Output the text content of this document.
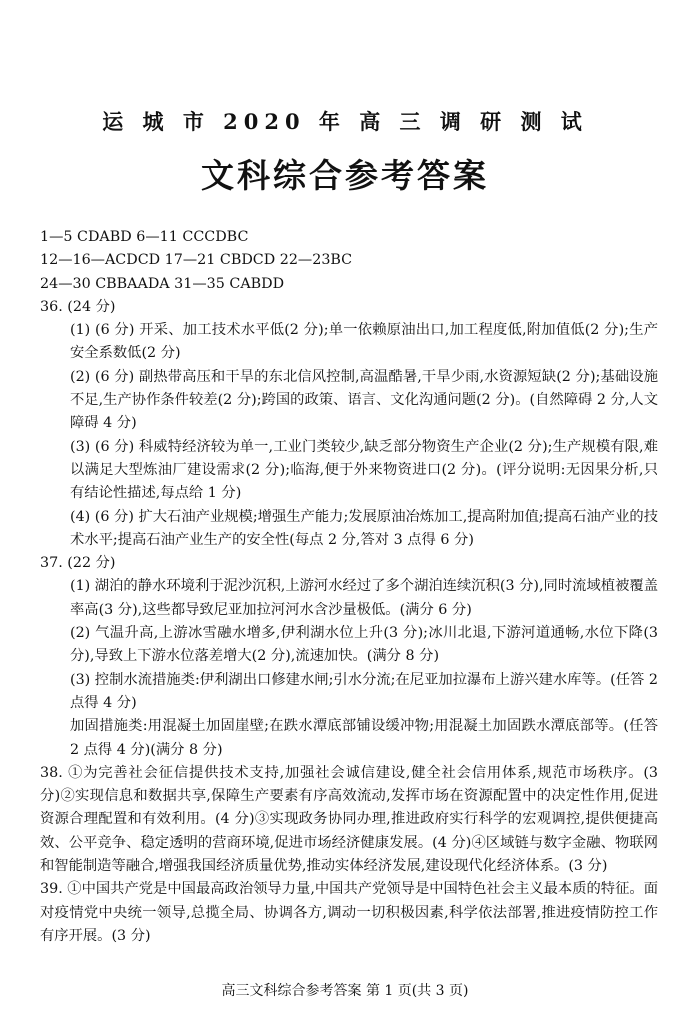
运 城 市 2020 年 高 三 调 研 测 试
文科综合参考答案
1—5 CDABD 6—11 CCCDBC
12—16—ACDCD 17—21 CBDCD 22—23BC
24—30 CBBAADA 31—35 CABDD
36. (24 分)
(1) (6 分) 开采、加工技术水平低(2 分);单一依赖原油出口,加工程度低,附加值低(2 分);生产安全系数低(2 分)
(2) (6 分) 副热带高压和干旱的东北信风控制,高温酷暑,干旱少雨,水资源短缺(2 分);基础设施不足,生产协作条件较差(2 分);跨国的政策、语言、文化沟通问题(2 分)。(自然障碍 2 分,人文障碍 4 分)
(3) (6 分) 科威特经济较为单一,工业门类较少,缺乏部分物资生产企业(2 分);生产规模有限,难以满足大型炼油厂建设需求(2 分);临海,便于外来物资进口(2 分)。(评分说明:无因果分析,只有结论性描述,每点给 1 分)
(4) (6 分) 扩大石油产业规模;增强生产能力;发展原油冶炼加工,提高附加值;提高石油产业的技术水平;提高石油产业生产的安全性(每点 2 分,答对 3 点得 6 分)
37. (22 分)
(1) 湖泊的静水环境利于泥沙沉积,上游河水经过了多个湖泊连续沉积(3 分),同时流域植被覆盖率高(3 分),这些都导致尼亚加拉河河水含沙量极低。(满分 6 分)
(2) 气温升高,上游冰雪融水增多,伊利湖水位上升(3 分);冰川北退,下游河道通畅,水位下降(3 分),导致上下游水位落差增大(2 分),流速加快。(满分 8 分)
(3) 控制水流措施类:伊利湖出口修建水闸;引水分流;在尼亚加拉瀑布上游兴建水库等。(任答 2 点得 4 分)
加固措施类:用混凝土加固崖壁;在跌水潭底部铺设缓冲物;用混凝土加固跌水潭底部等。(任答 2 点得 4 分)(满分 8 分)
38. ①为完善社会征信提供技术支持,加强社会诚信建设,健全社会信用体系,规范市场秩序。(3 分)②实现信息和数据共享,保障生产要素有序高效流动,发挥市场在资源配置中的决定性作用,促进资源合理配置和有效利用。(4 分)③实现政务协同办理,推进政府实行科学的宏观调控,提供便捷高效、公平竞争、稳定透明的营商环境,促进市场经济健康发展。(4 分)④区域链与数字金融、物联网和智能制造等融合,增强我国经济质量优势,推动实体经济发展,建设现代化经济体系。(3 分)
39. ①中国共产党是中国最高政治领导力量,中国共产党领导是中国特色社会主义最本质的特征。面对疫情党中央统一领导,总揽全局、协调各方,调动一切积极因素,科学依法部署,推进疫情防控工作有序开展。(3 分)
高三文科综合参考答案 第 1 页(共 3 页)
